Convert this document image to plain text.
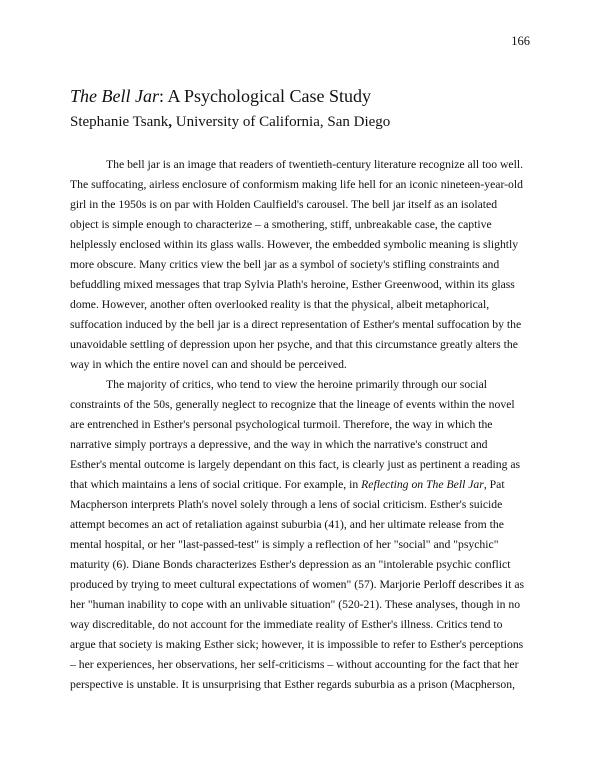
166
The Bell Jar: A Psychological Case Study
Stephanie Tsank, University of California, San Diego
The bell jar is an image that readers of twentieth-century literature recognize all too well.
The suffocating, airless enclosure of conformism making life hell for an iconic nineteen-year-old
girl in the 1950s is on par with Holden Caulfield's carousel. The bell jar itself as an isolated
object is simple enough to characterize – a smothering, stiff, unbreakable case, the captive
helplessly enclosed within its glass walls. However, the embedded symbolic meaning is slightly
more obscure. Many critics view the bell jar as a symbol of society's stifling constraints and
befuddling mixed messages that trap Sylvia Plath's heroine, Esther Greenwood, within its glass
dome. However, another often overlooked reality is that the physical, albeit metaphorical,
suffocation induced by the bell jar is a direct representation of Esther's mental suffocation by the
unavoidable settling of depression upon her psyche, and that this circumstance greatly alters the
way in which the entire novel can and should be perceived.
The majority of critics, who tend to view the heroine primarily through our social
constraints of the 50s, generally neglect to recognize that the lineage of events within the novel
are entrenched in Esther's personal psychological turmoil. Therefore, the way in which the
narrative simply portrays a depressive, and the way in which the narrative's construct and
Esther's mental outcome is largely dependant on this fact, is clearly just as pertinent a reading as
that which maintains a lens of social critique. For example, in Reflecting on The Bell Jar, Pat
Macpherson interprets Plath's novel solely through a lens of social criticism. Esther's suicide
attempt becomes an act of retaliation against suburbia (41), and her ultimate release from the
mental hospital, or her "last-passed-test" is simply a reflection of her "social" and "psychic"
maturity (6). Diane Bonds characterizes Esther's depression as an "intolerable psychic conflict
produced by trying to meet cultural expectations of women" (57). Marjorie Perloff describes it as
her "human inability to cope with an unlivable situation" (520-21). These analyses, though in no
way discreditable, do not account for the immediate reality of Esther's illness. Critics tend to
argue that society is making Esther sick; however, it is impossible to refer to Esther's perceptions
– her experiences, her observations, her self-criticisms – without accounting for the fact that her
perspective is unstable. It is unsurprising that Esther regards suburbia as a prison (Macpherson,
